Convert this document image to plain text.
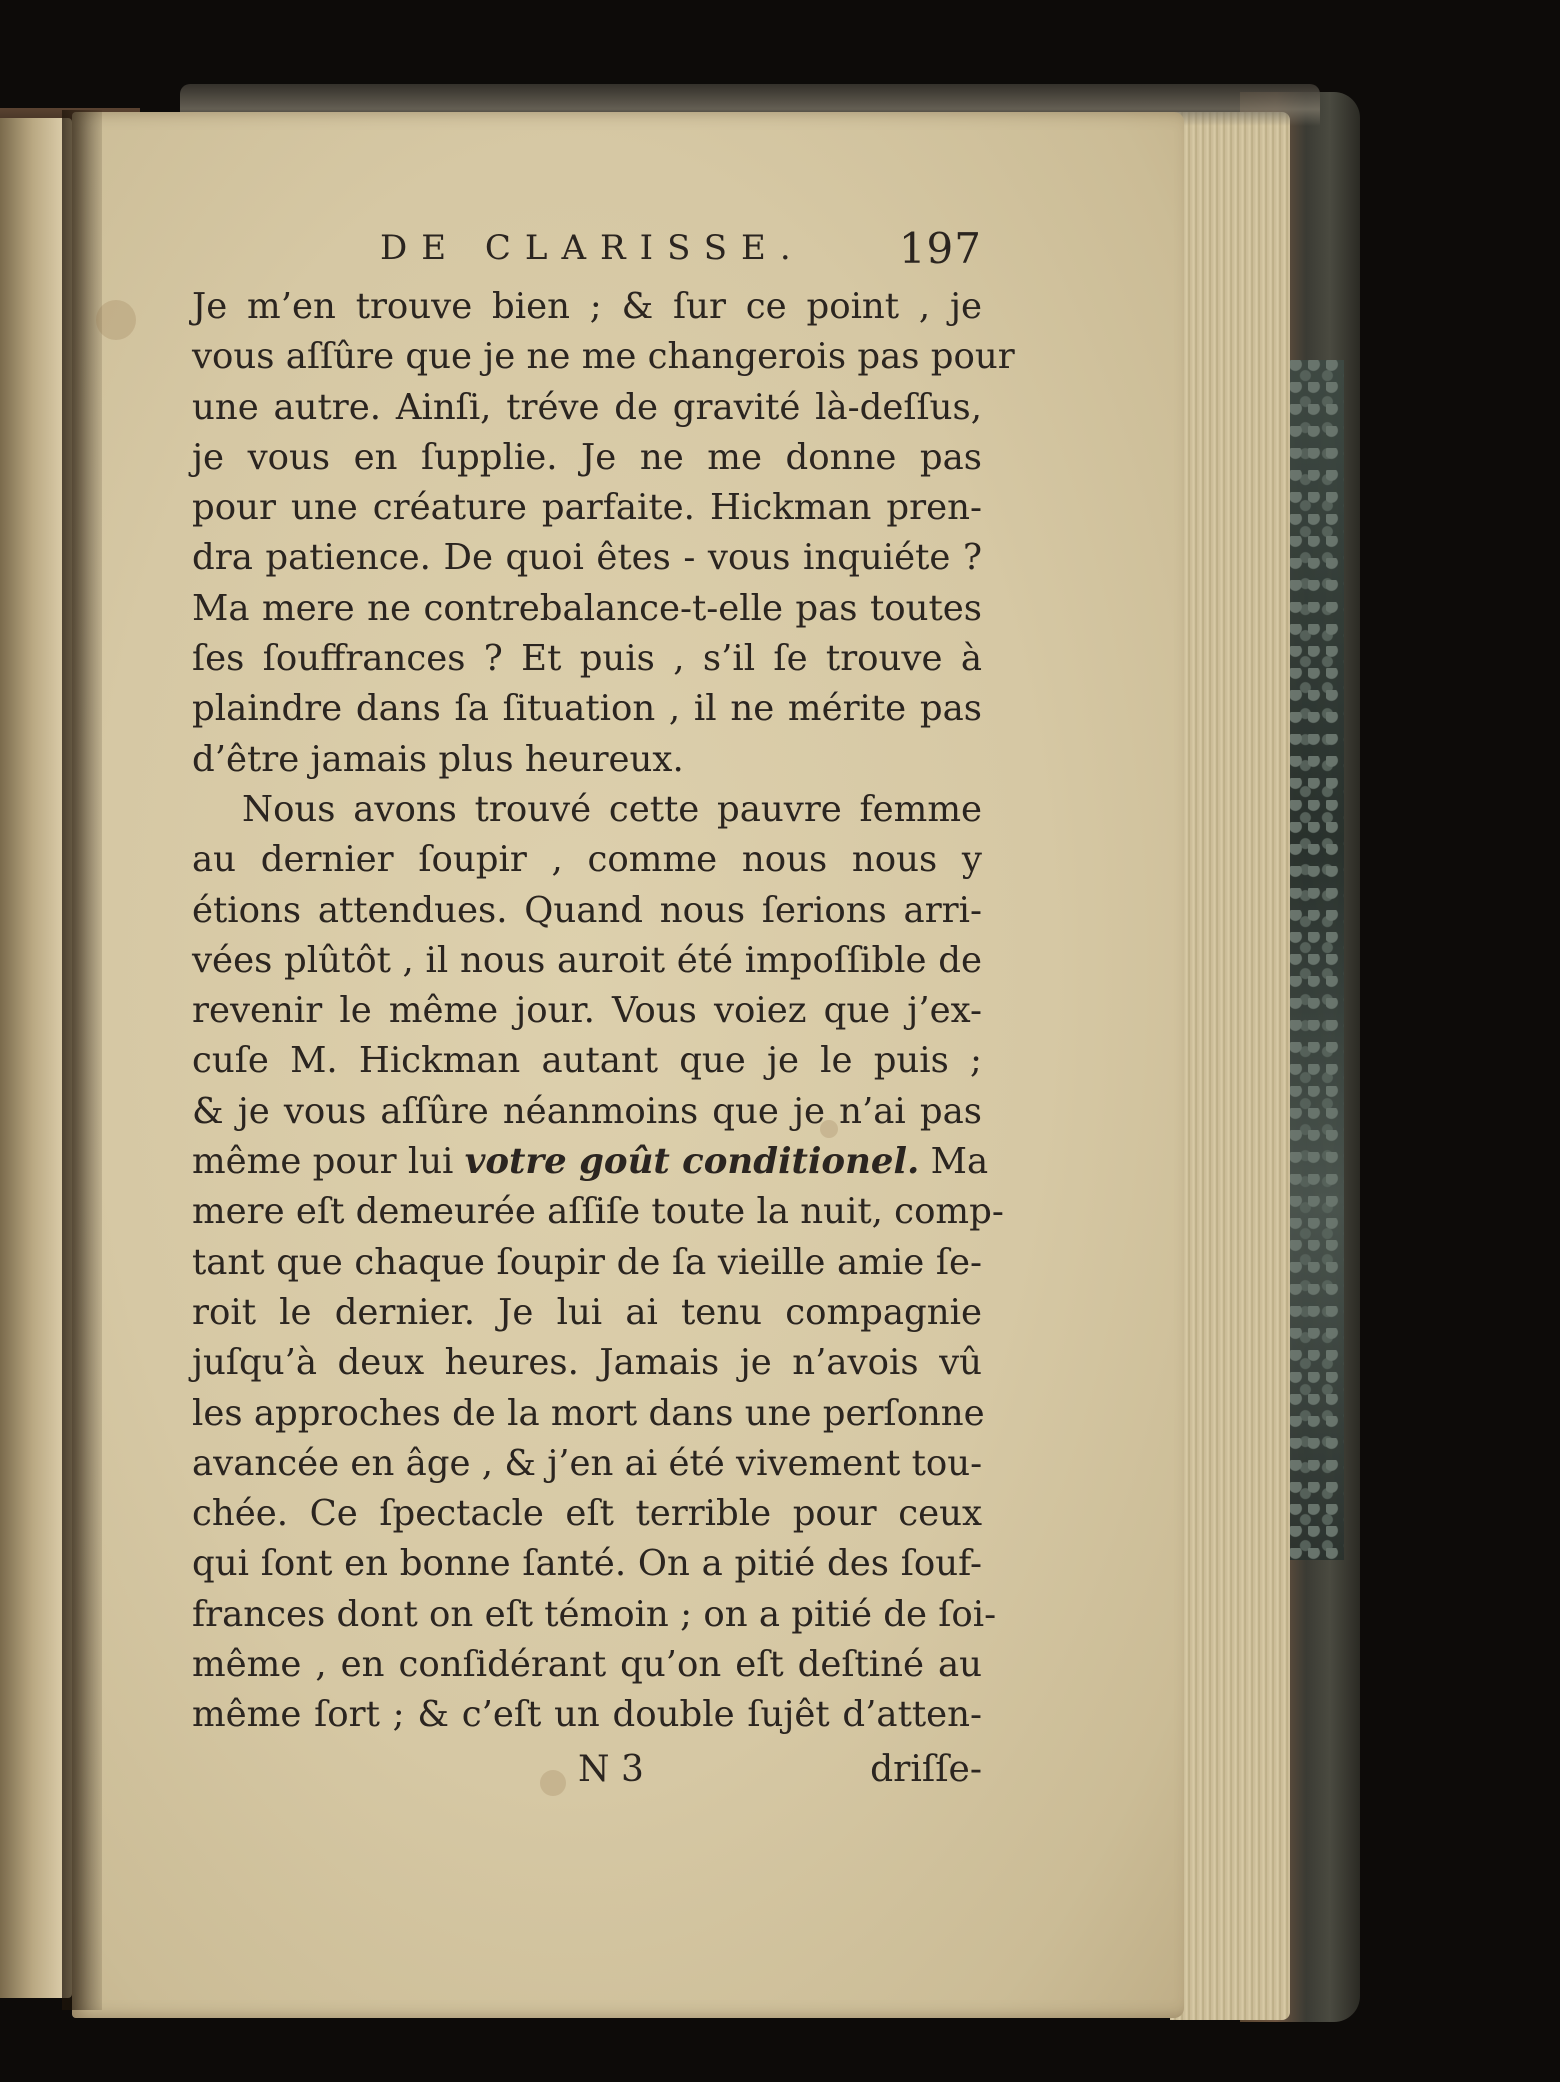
DE CLARISSE. 197
Je m’en trouve bien ; & ſur ce point , je
vous aſſûre que je ne me changerois pas pour
une autre. Ainſi, tréve de gravité là-deſſus,
je vous en ſupplie. Je ne me donne pas
pour une créature parfaite. Hickman pren-
dra patience. De quoi êtes - vous inquiéte ?
Ma mere ne contrebalance-t-elle pas toutes
ſes ſouffrances ? Et puis , s’il ſe trouve à
plaindre dans ſa ſituation , il ne mérite pas
d’être jamais plus heureux.
Nous avons trouvé cette pauvre femme
au dernier ſoupir , comme nous nous y
étions attendues. Quand nous ſerions arri-
vées plûtôt , il nous auroit été impoſſible de
revenir le même jour. Vous voiez que j’ex-
cuſe M. Hickman autant que je le puis ;
& je vous aſſûre néanmoins que je n’ai pas
même pour lui votre goût conditionel. Ma
mere eſt demeurée aſſiſe toute la nuit, comp-
tant que chaque ſoupir de ſa vieille amie ſe-
roit le dernier. Je lui ai tenu compagnie
juſqu’à deux heures. Jamais je n’avois vû
les approches de la mort dans une perſonne
avancée en âge , & j’en ai été vivement tou-
chée. Ce ſpectacle eſt terrible pour ceux
qui ſont en bonne ſanté. On a pitié des ſouf-
frances dont on eſt témoin ; on a pitié de ſoi-
même , en conſidérant qu’on eſt deſtiné au
même ſort ; & c’eſt un double ſujêt d’atten-
N 3	driſſe-
